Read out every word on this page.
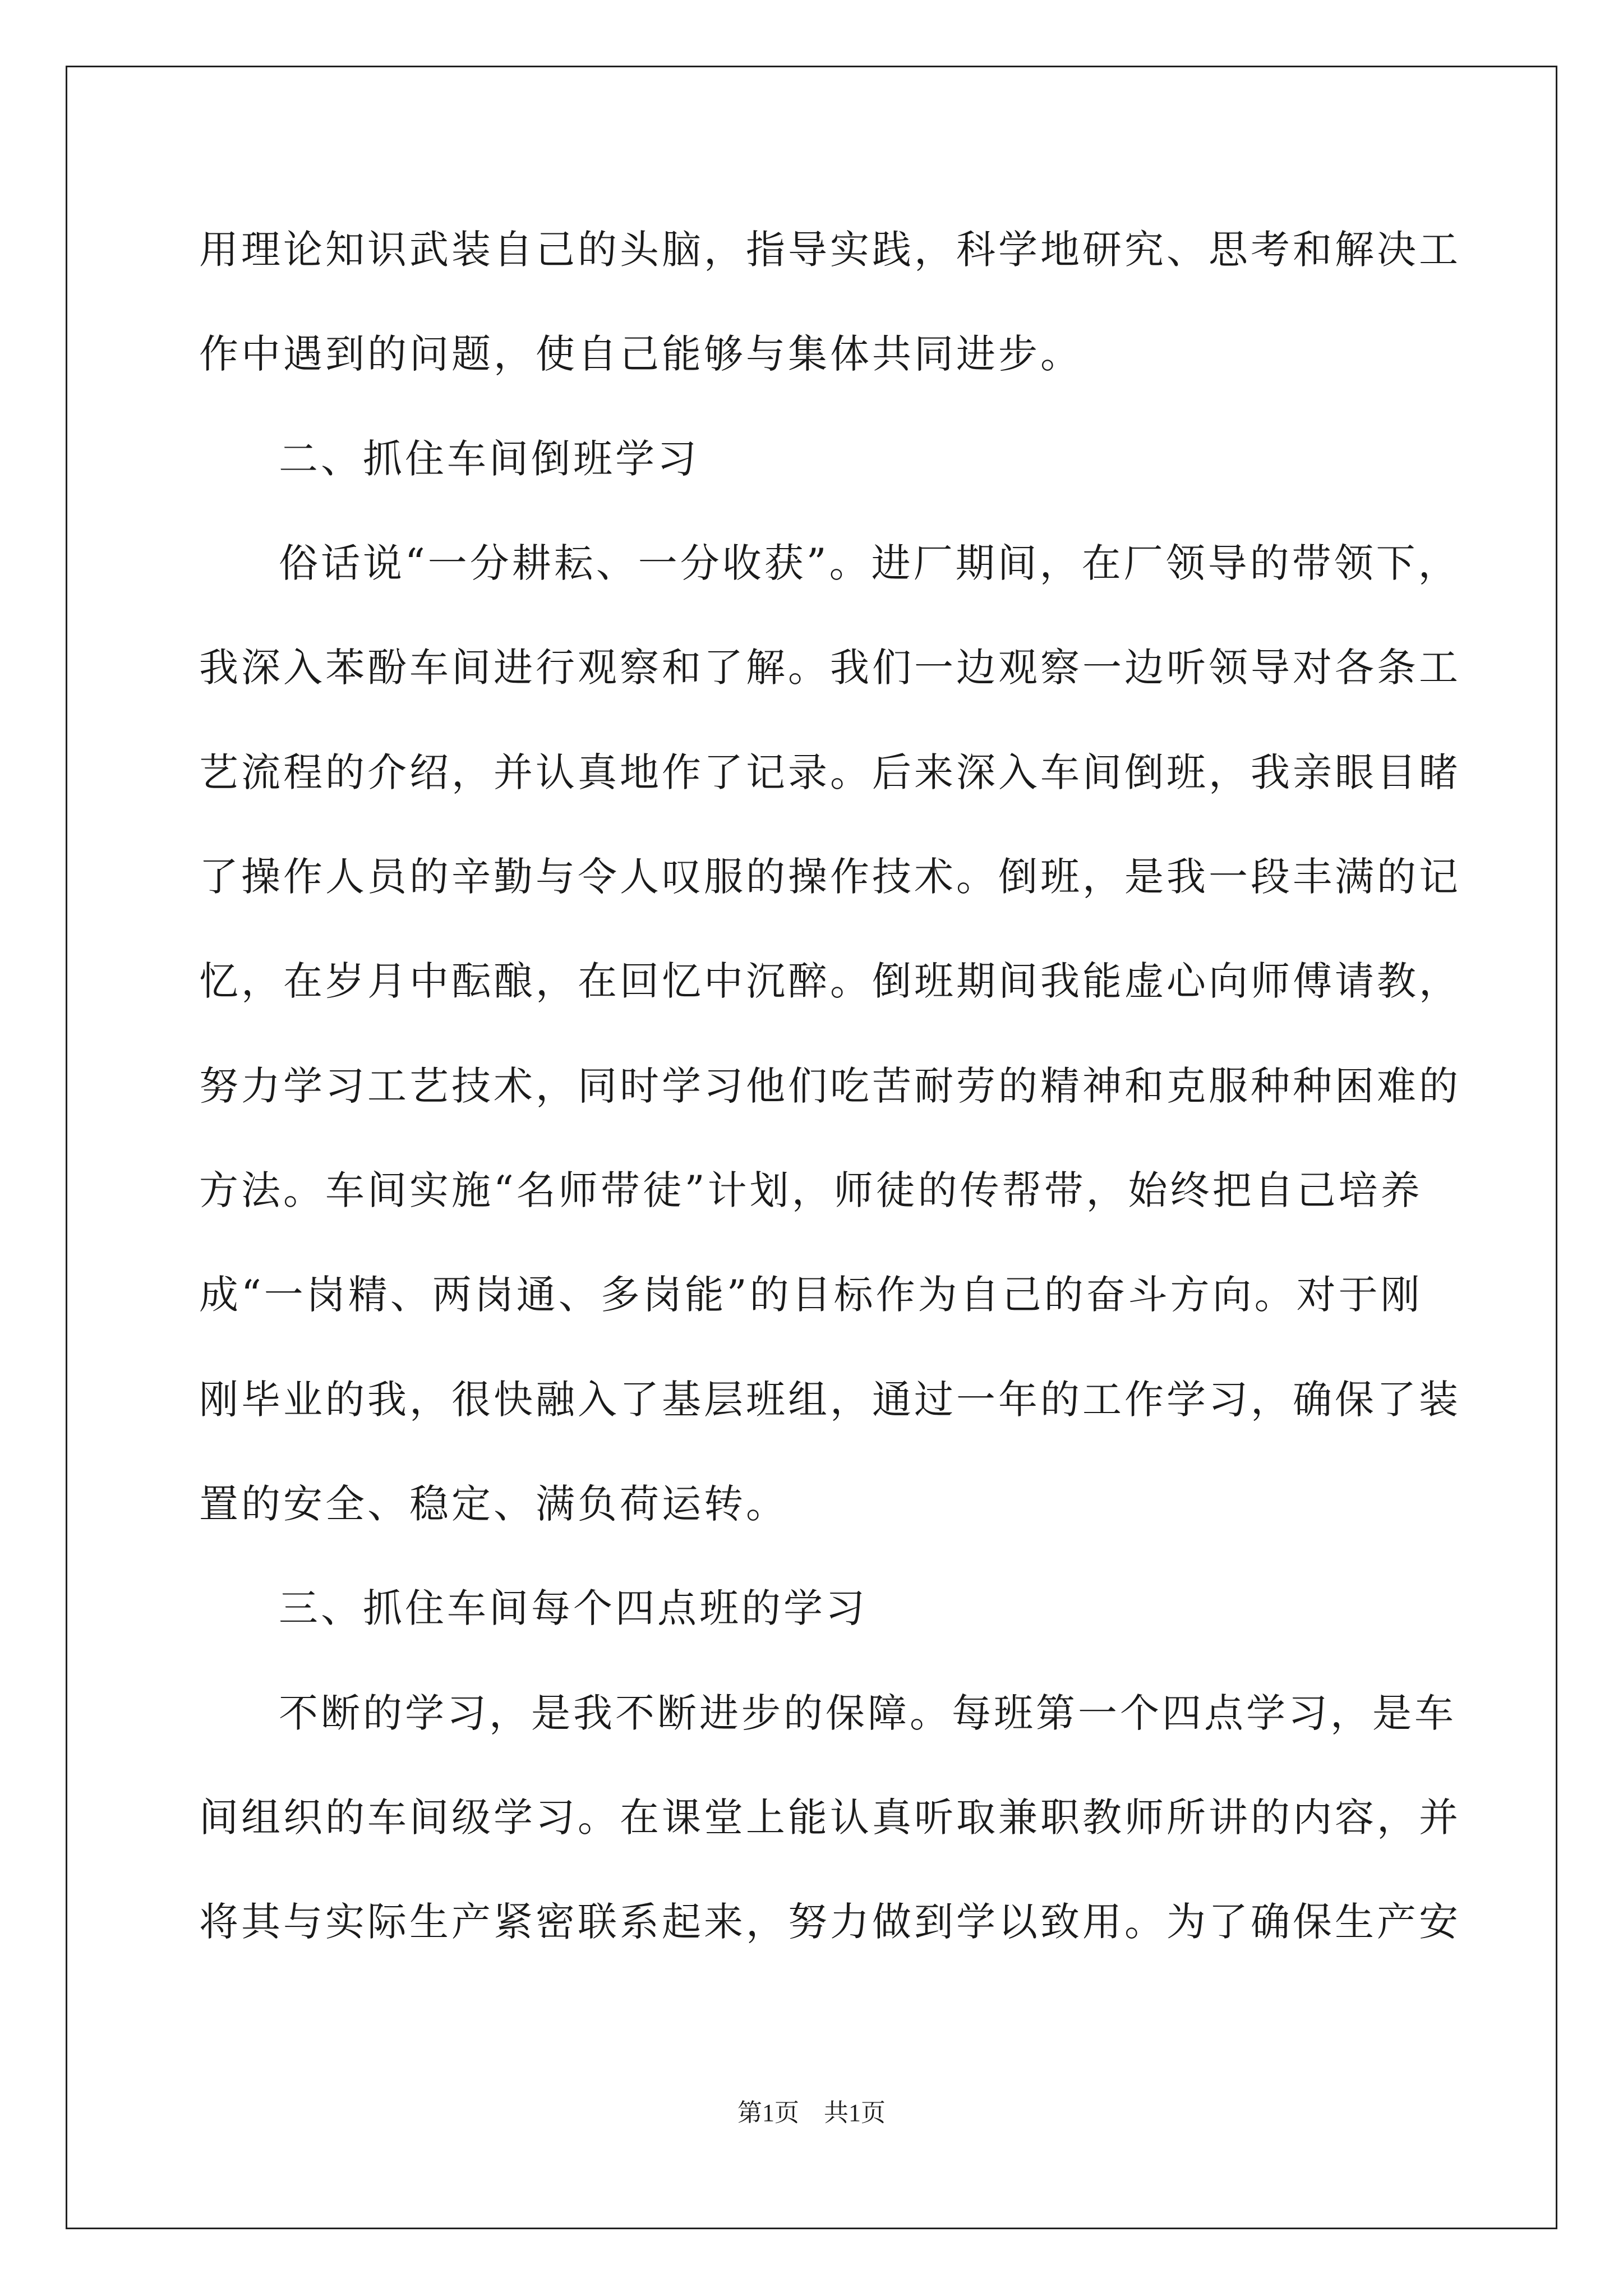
用理论知识武装自己的头脑，指导实践，科学地研究、思考和解决工
作中遇到的问题，使自己能够与集体共同进步。
二、抓住车间倒班学习
俗话说“一分耕耘、一分收获”。进厂期间，在厂领导的带领下，
我深入苯酚车间进行观察和了解。我们一边观察一边听领导对各条工
艺流程的介绍，并认真地作了记录。后来深入车间倒班，我亲眼目睹
了操作人员的辛勤与令人叹服的操作技术。倒班，是我一段丰满的记
忆，在岁月中酝酿，在回忆中沉醉。倒班期间我能虚心向师傅请教，
努力学习工艺技术，同时学习他们吃苦耐劳的精神和克服种种困难的
方法。车间实施“名师带徒”计划，师徒的传帮带，始终把自己培养
成“一岗精、两岗通、多岗能”的目标作为自己的奋斗方向。对于刚
刚毕业的我，很快融入了基层班组，通过一年的工作学习，确保了装
置的安全、稳定、满负荷运转。
三、抓住车间每个四点班的学习
不断的学习，是我不断进步的保障。每班第一个四点学习，是车
间组织的车间级学习。在课堂上能认真听取兼职教师所讲的内容，并
将其与实际生产紧密联系起来，努力做到学以致用。为了确保生产安
第1页　共1页
